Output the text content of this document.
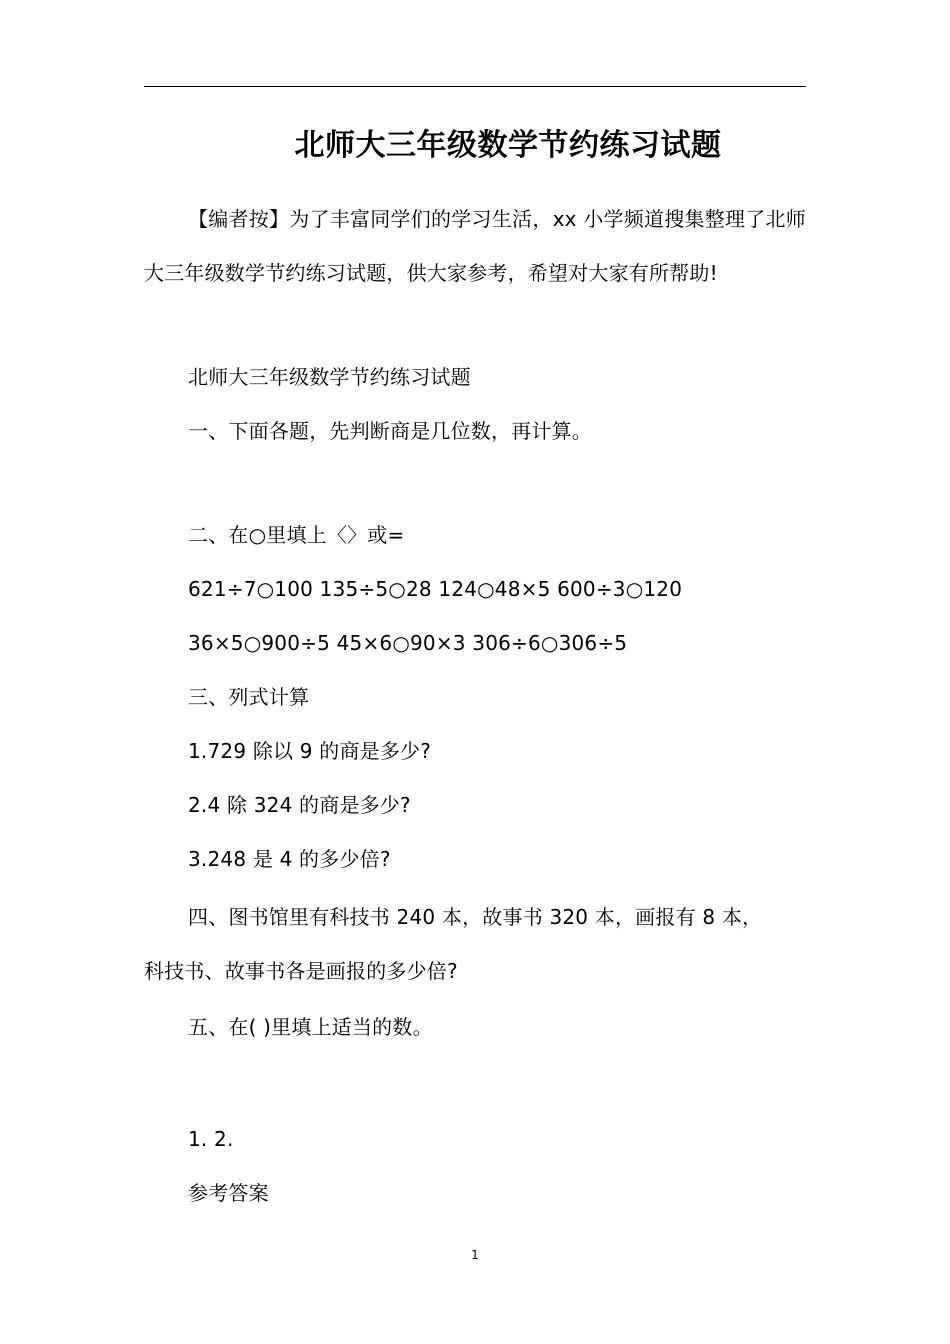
北师大三年级数学节约练习试题

【编者按】为了丰富同学们的学习生活，xx 小学频道搜集整理了北师大三年级数学节约练习试题，供大家参考，希望对大家有所帮助!

北师大三年级数学节约练习试题

一、下面各题，先判断商是几位数，再计算。

二、在○里填上〈〉或=

621÷7○100 135÷5○28 124○48×5 600÷3○120

36×5○900÷5 45×6○90×3 306÷6○306÷5

三、列式计算

1.729 除以 9 的商是多少?

2.4 除 324 的商是多少?

3.248 是 4 的多少倍?

四、图书馆里有科技书 240 本，故事书 320 本，画报有 8 本，

科技书、故事书各是画报的多少倍?

五、在( )里填上适当的数。

1. 2.

参考答案

1
